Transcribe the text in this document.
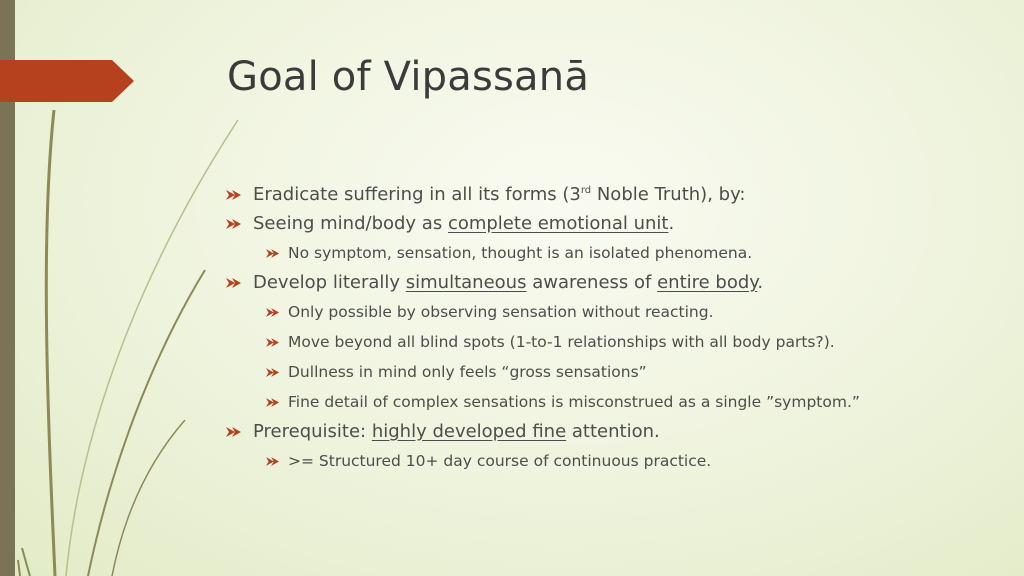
Goal of Vipassanā
Eradicate suffering in all its forms (3rd Noble Truth), by:
Seeing mind/body as complete emotional unit.
No symptom, sensation, thought is an isolated phenomena.
Develop literally simultaneous awareness of entire body.
Only possible by observing sensation without reacting.
Move beyond all blind spots (1-to-1 relationships with all body parts?).
Dullness in mind only feels “gross sensations”
Fine detail of complex sensations is misconstrued as a single ”symptom.”
Prerequisite: highly developed fine attention.
>= Structured 10+ day course of continuous practice.
